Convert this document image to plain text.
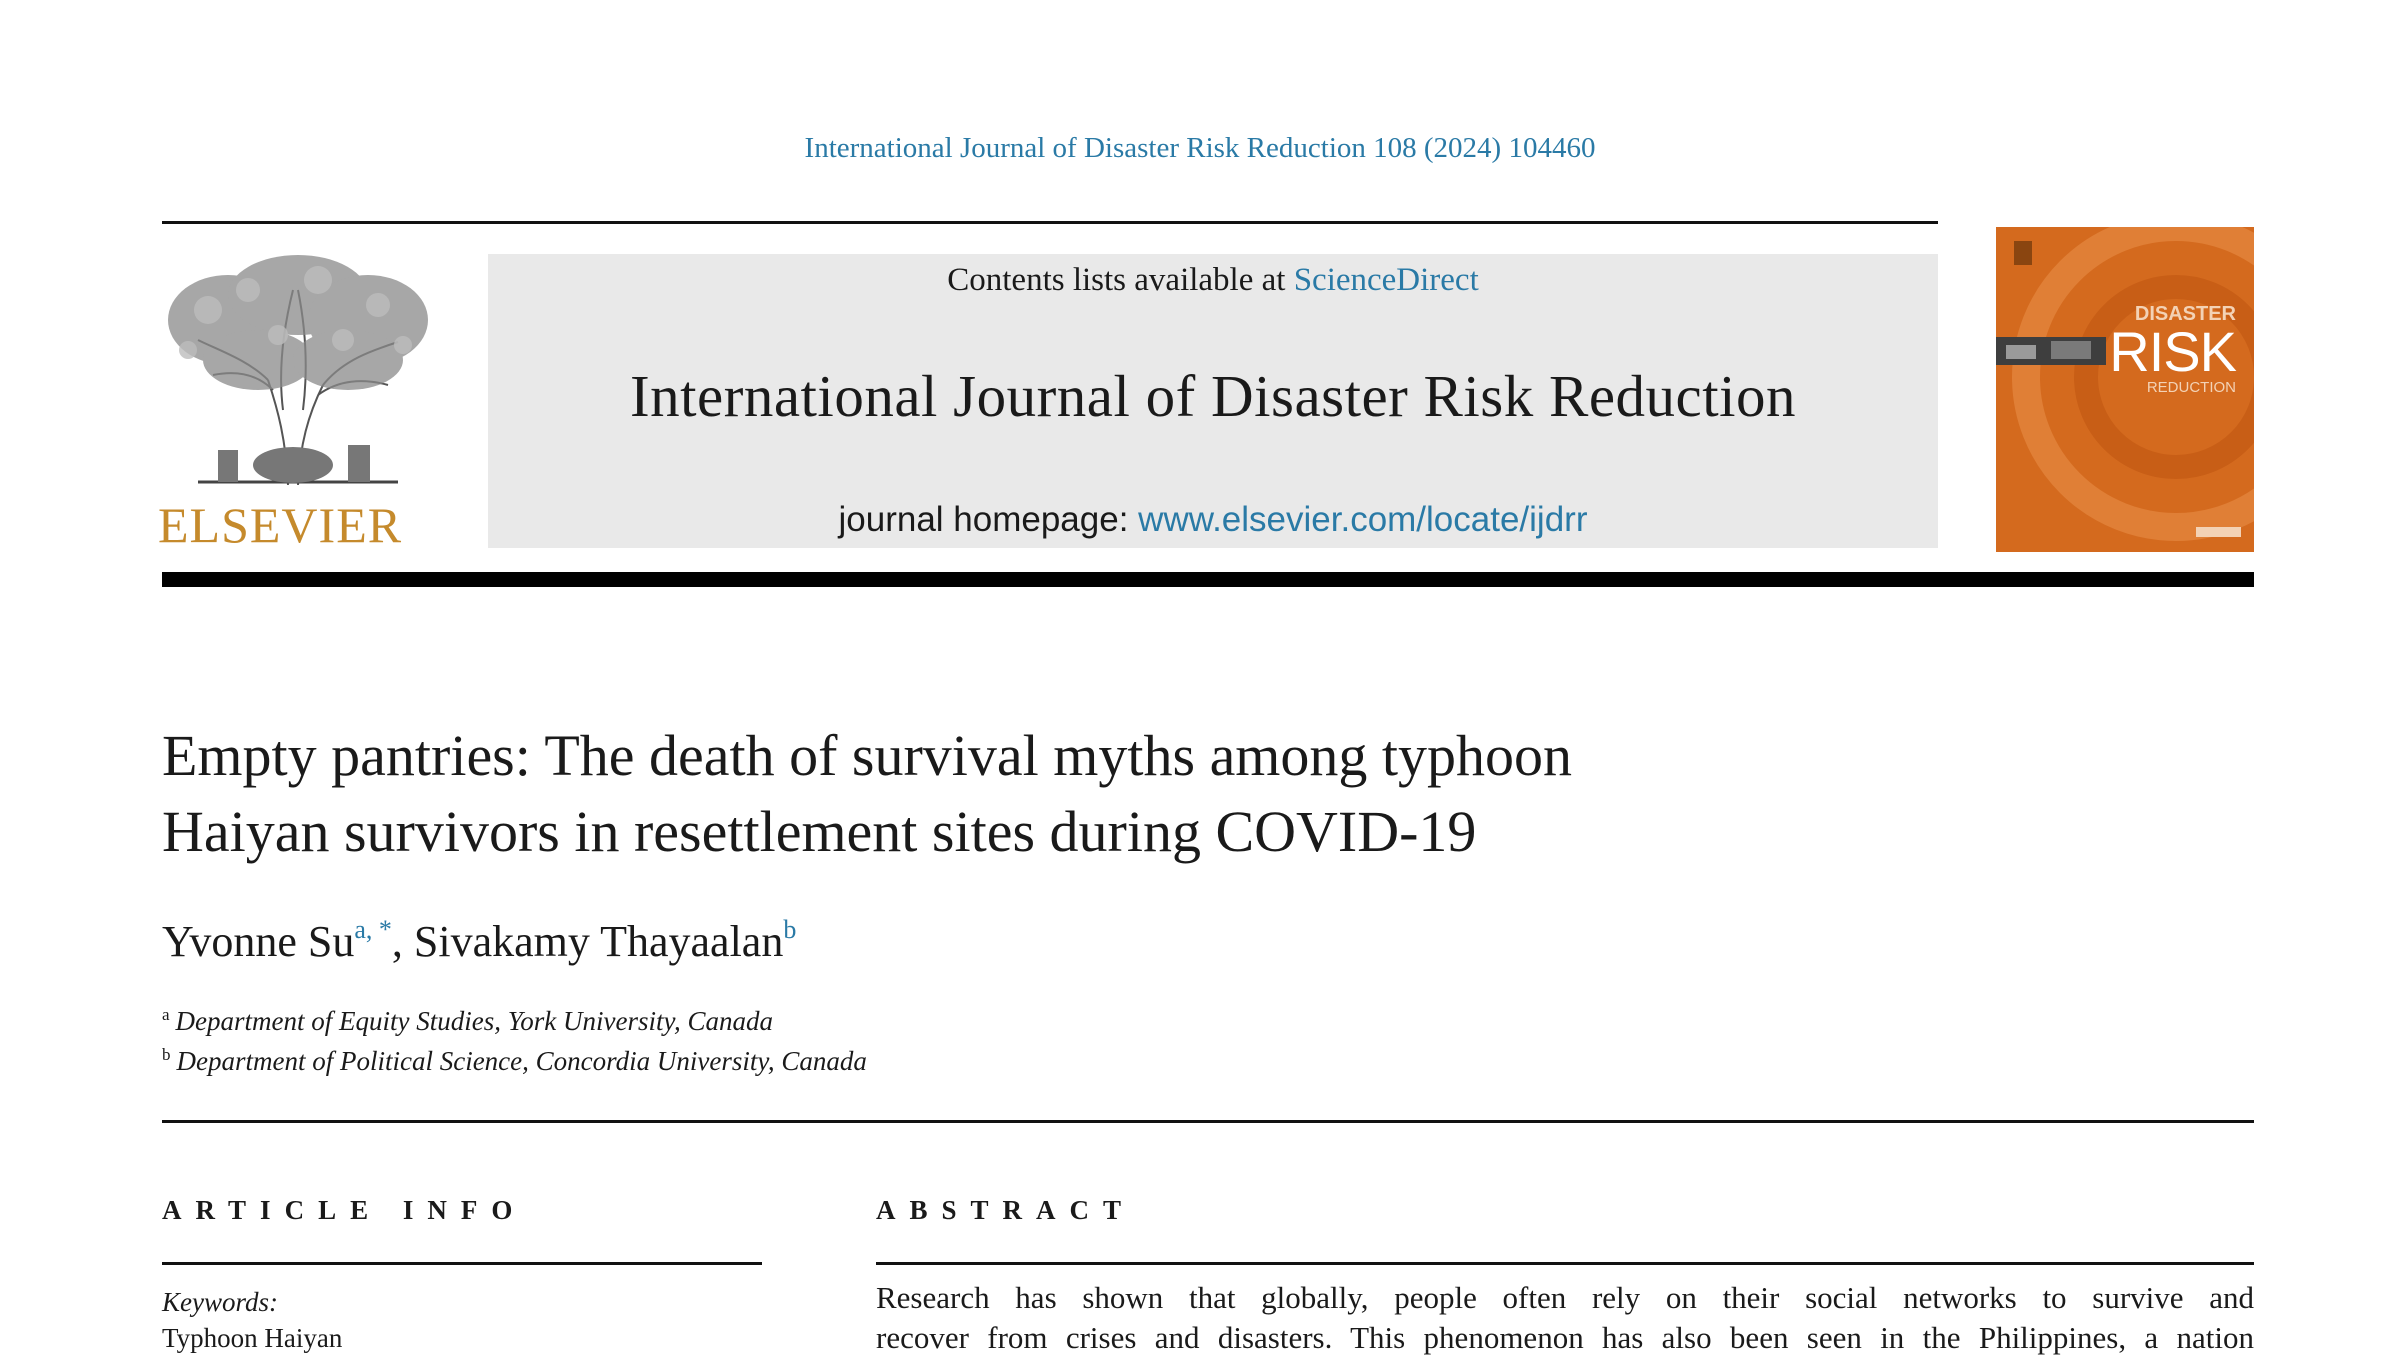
International Journal of Disaster Risk Reduction 108 (2024) 104460
ELSEVIER
Contents lists available at ScienceDirect
International Journal of Disaster Risk Reduction
journal homepage: www.elsevier.com/locate/ijdrr
DISASTER
RISK
REDUCTION
Empty pantries: The death of survival myths among typhoon
Haiyan survivors in resettlement sites during COVID-19
Yvonne $Su^{a, *}$, Sivakamy Thayaalan$^b$
$^a$ Department of Equity Studies, York University, Canada
$^b$ Department of Political Science, Concordia University, Canada
ARTICLE INFO	ABSTRACT
Keywords:
Typhoon Haiyan
Research has shown that globally, people often rely on their social networks to survive and
recover from crises and disasters. This phenomenon has also been seen in the Philippines, a nation
